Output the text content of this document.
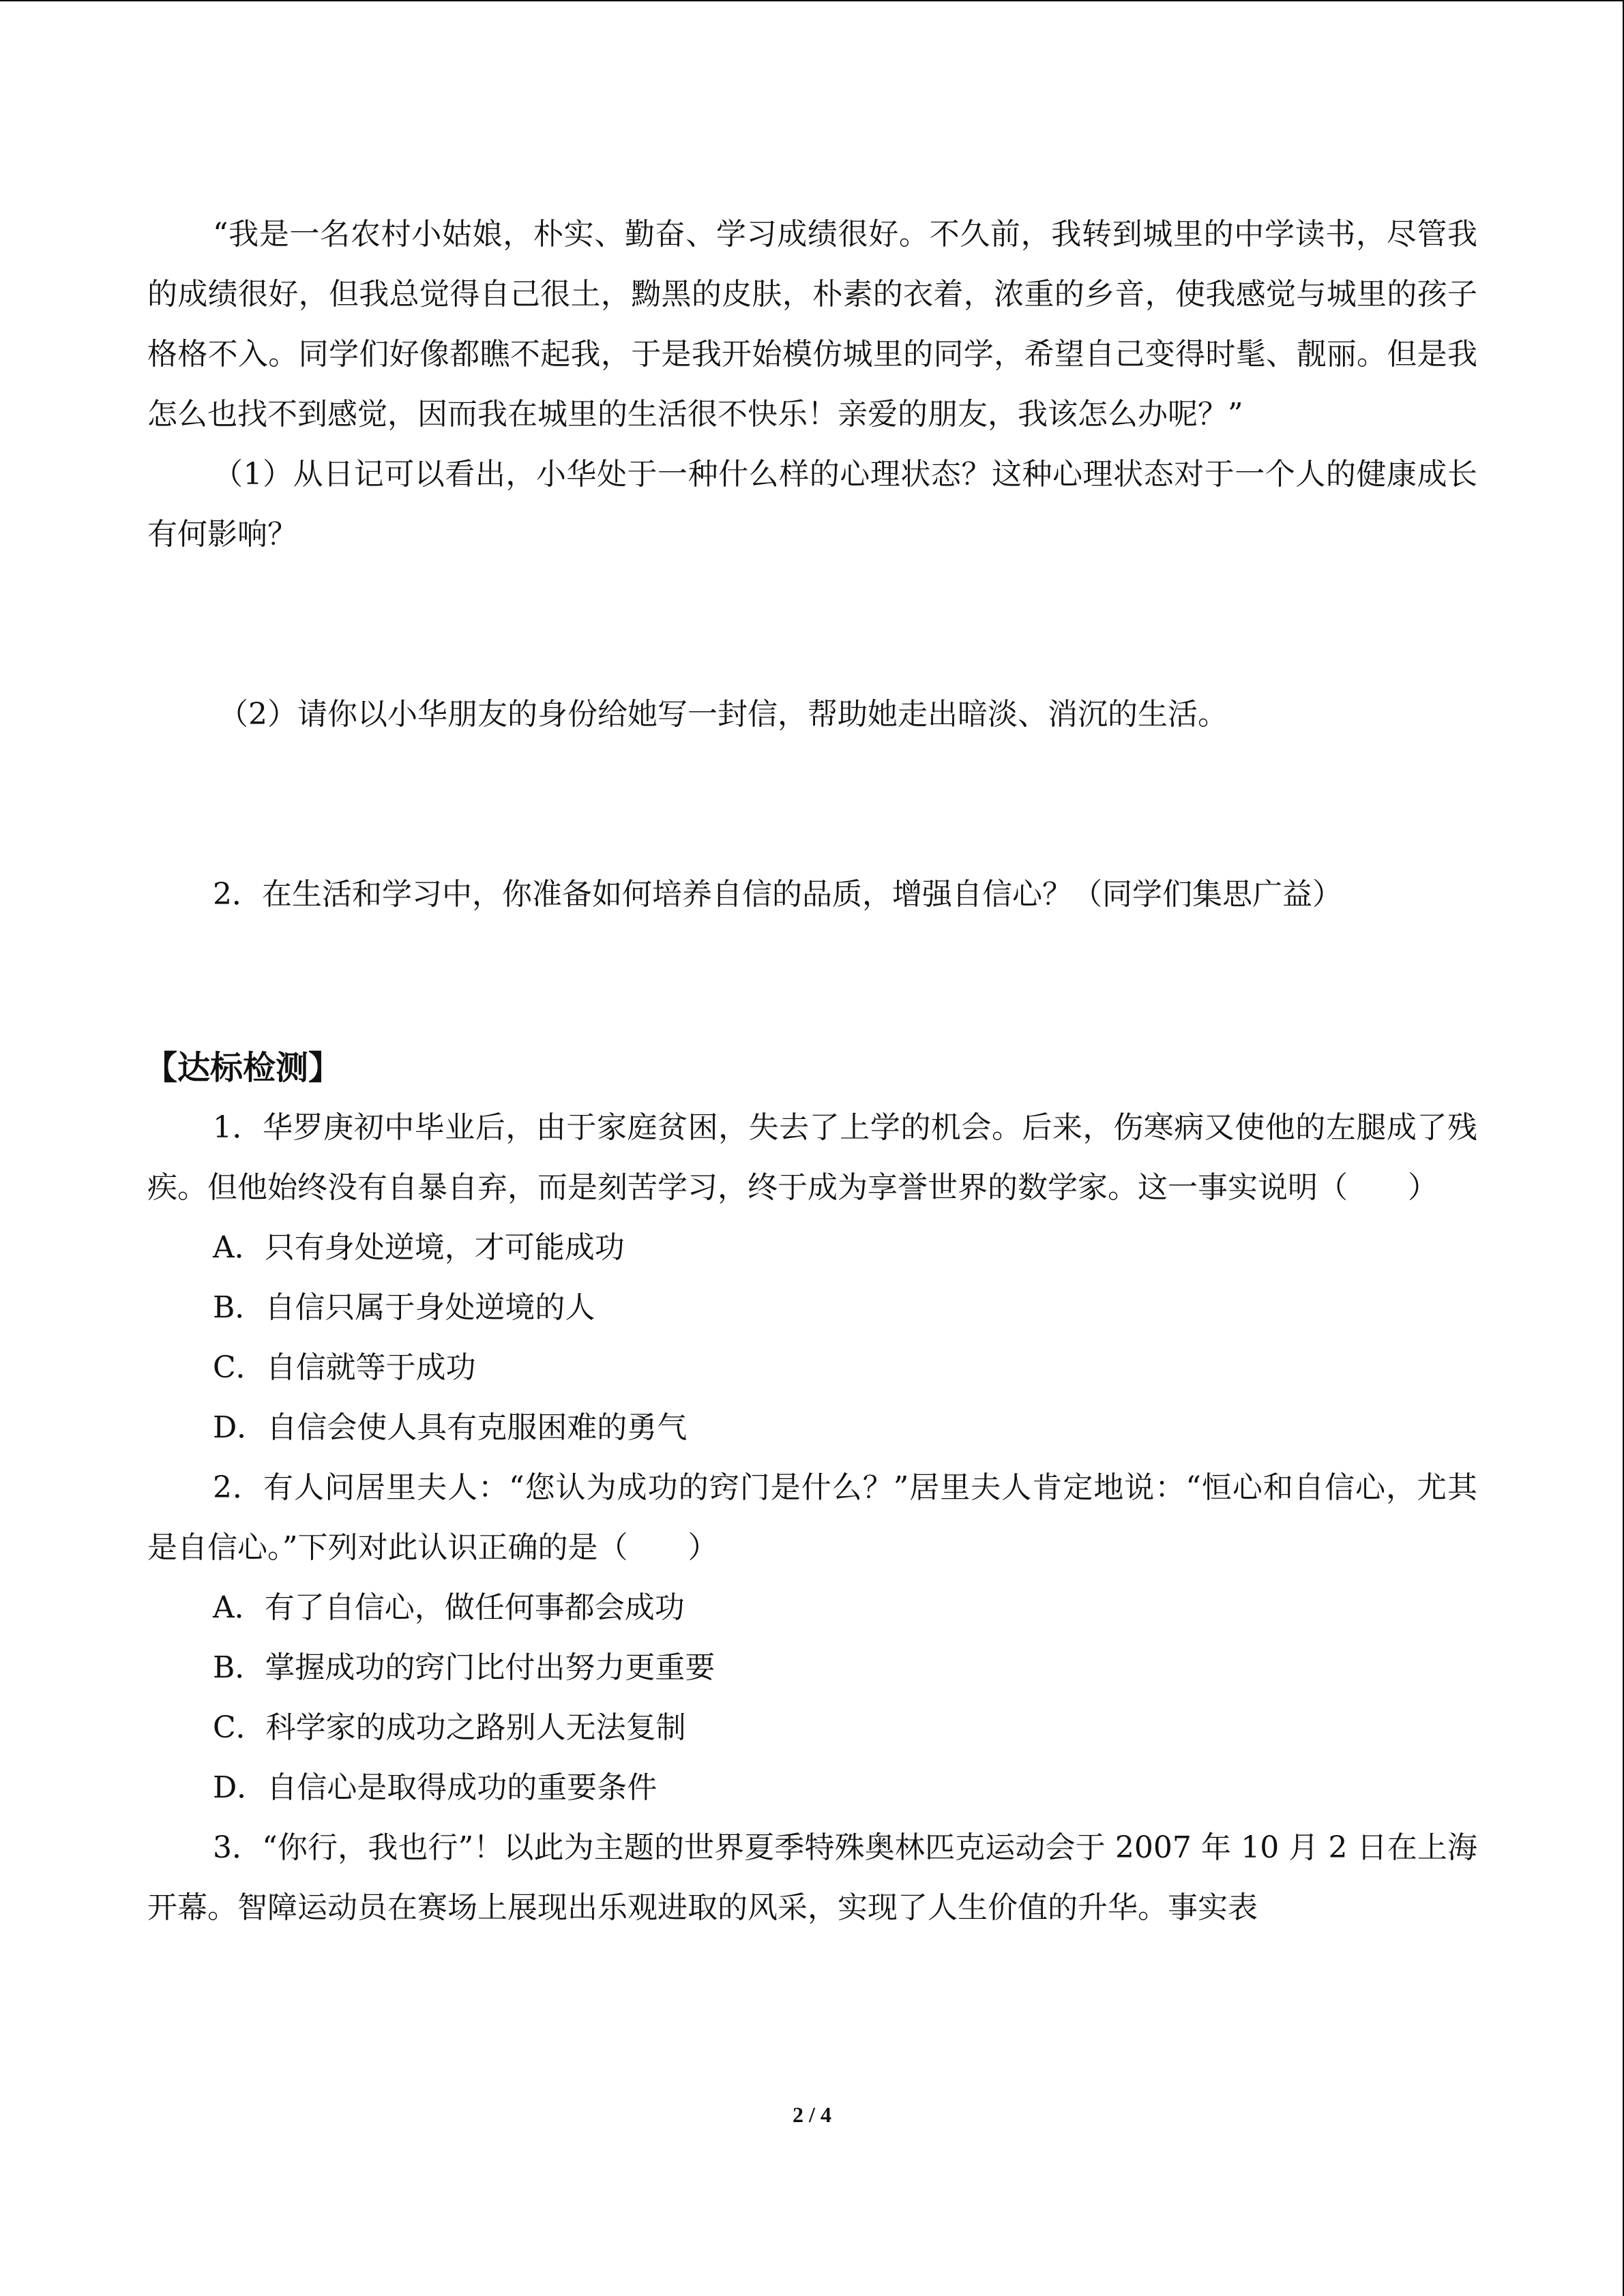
“我是一名农村小姑娘，朴实、勤奋、学习成绩很好。不久前，我转到城里的中学读书，尽管我的成绩很好，但我总觉得自己很土，黝黑的皮肤，朴素的衣着，浓重的乡音，使我感觉与城里的孩子格格不入。同学们好像都瞧不起我，于是我开始模仿城里的同学，希望自己变得时髦、靓丽。但是我怎么也找不到感觉，因而我在城里的生活很不快乐！亲爱的朋友，我该怎么办呢？”

（1）从日记可以看出，小华处于一种什么样的心理状态？这种心理状态对于一个人的健康成长有何影响？

（2）请你以小华朋友的身份给她写一封信，帮助她走出暗淡、消沉的生活。

2．在生活和学习中，你准备如何培养自信的品质，增强自信心？（同学们集思广益）

【达标检测】

1．华罗庚初中毕业后，由于家庭贫困，失去了上学的机会。后来，伤寒病又使他的左腿成了残疾。但他始终没有自暴自弃，而是刻苦学习，终于成为享誉世界的数学家。这一事实说明（　　）

A．只有身处逆境，才可能成功

B．自信只属于身处逆境的人

C．自信就等于成功

D．自信会使人具有克服困难的勇气

2．有人问居里夫人：“您认为成功的窍门是什么？”居里夫人肯定地说：“恒心和自信心，尤其是自信心。”下列对此认识正确的是（　　）

A．有了自信心，做任何事都会成功

B．掌握成功的窍门比付出努力更重要

C．科学家的成功之路别人无法复制

D．自信心是取得成功的重要条件

3．“你行，我也行”！以此为主题的世界夏季特殊奥林匹克运动会于 2007 年 10 月 2 日在上海开幕。智障运动员在赛场上展现出乐观进取的风采，实现了人生价值的升华。事实表

2 / 4
